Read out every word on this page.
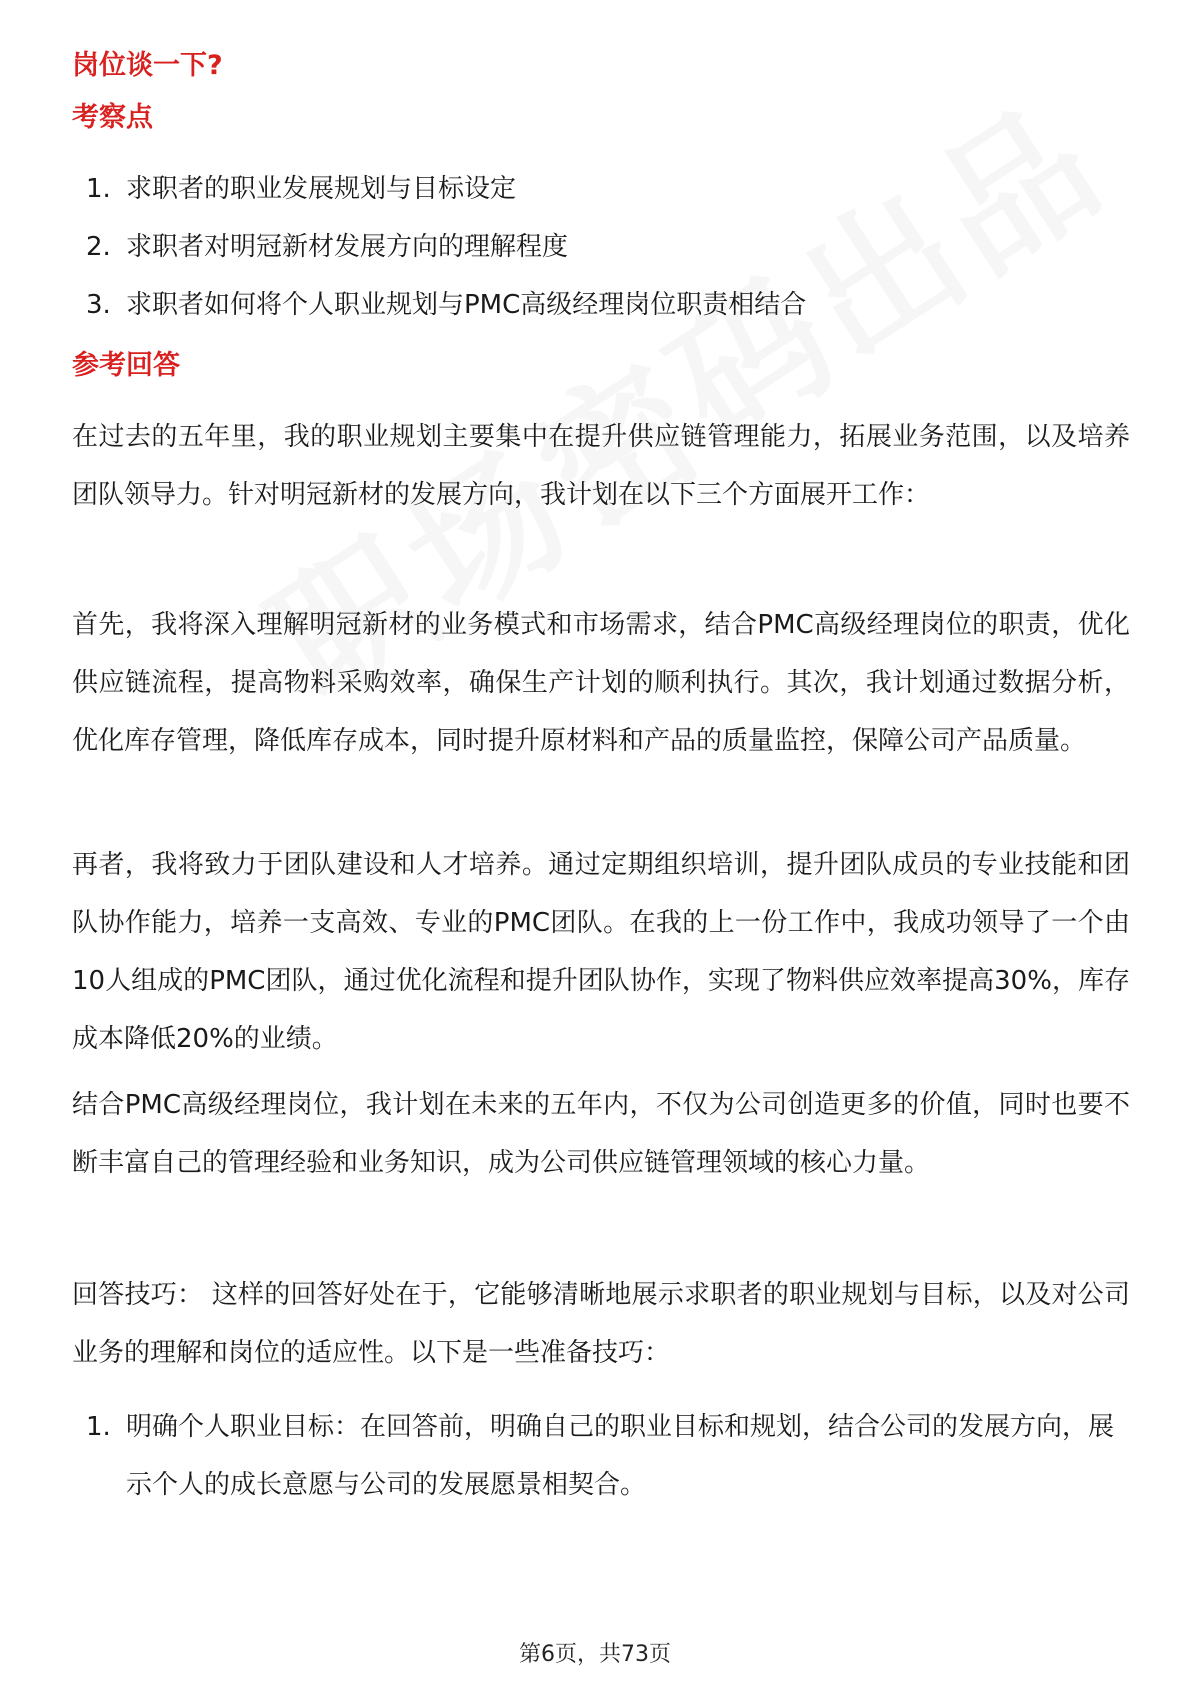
岗位谈一下?
考察点
1. 求职者的职业发展规划与目标设定
2. 求职者对明冠新材发展方向的理解程度
3. 求职者如何将个人职业规划与PMC高级经理岗位职责相结合
参考回答

在过去的五年里，我的职业规划主要集中在提升供应链管理能力，拓展业务范围，以及培养团队领导力。针对明冠新材的发展方向，我计划在以下三个方面展开工作：

首先，我将深入理解明冠新材的业务模式和市场需求，结合PMC高级经理岗位的职责，优化供应链流程，提高物料采购效率，确保生产计划的顺利执行。其次，我计划通过数据分析，优化库存管理，降低库存成本，同时提升原材料和产品的质量监控，保障公司产品质量。

再者，我将致力于团队建设和人才培养。通过定期组织培训，提升团队成员的专业技能和团队协作能力，培养一支高效、专业的PMC团队。在我的上一份工作中，我成功领导了一个由10人组成的PMC团队，通过优化流程和提升团队协作，实现了物料供应效率提高30%，库存成本降低20%的业绩。

结合PMC高级经理岗位，我计划在未来的五年内，不仅为公司创造更多的价值，同时也要不断丰富自己的管理经验和业务知识，成为公司供应链管理领域的核心力量。

回答技巧： 这样的回答好处在于，它能够清晰地展示求职者的职业规划与目标，以及对公司业务的理解和岗位的适应性。以下是一些准备技巧：

1. 明确个人职业目标：在回答前，明确自己的职业目标和规划，结合公司的发展方向，展示个人的成长意愿与公司的发展愿景相契合。
第6页，共73页
